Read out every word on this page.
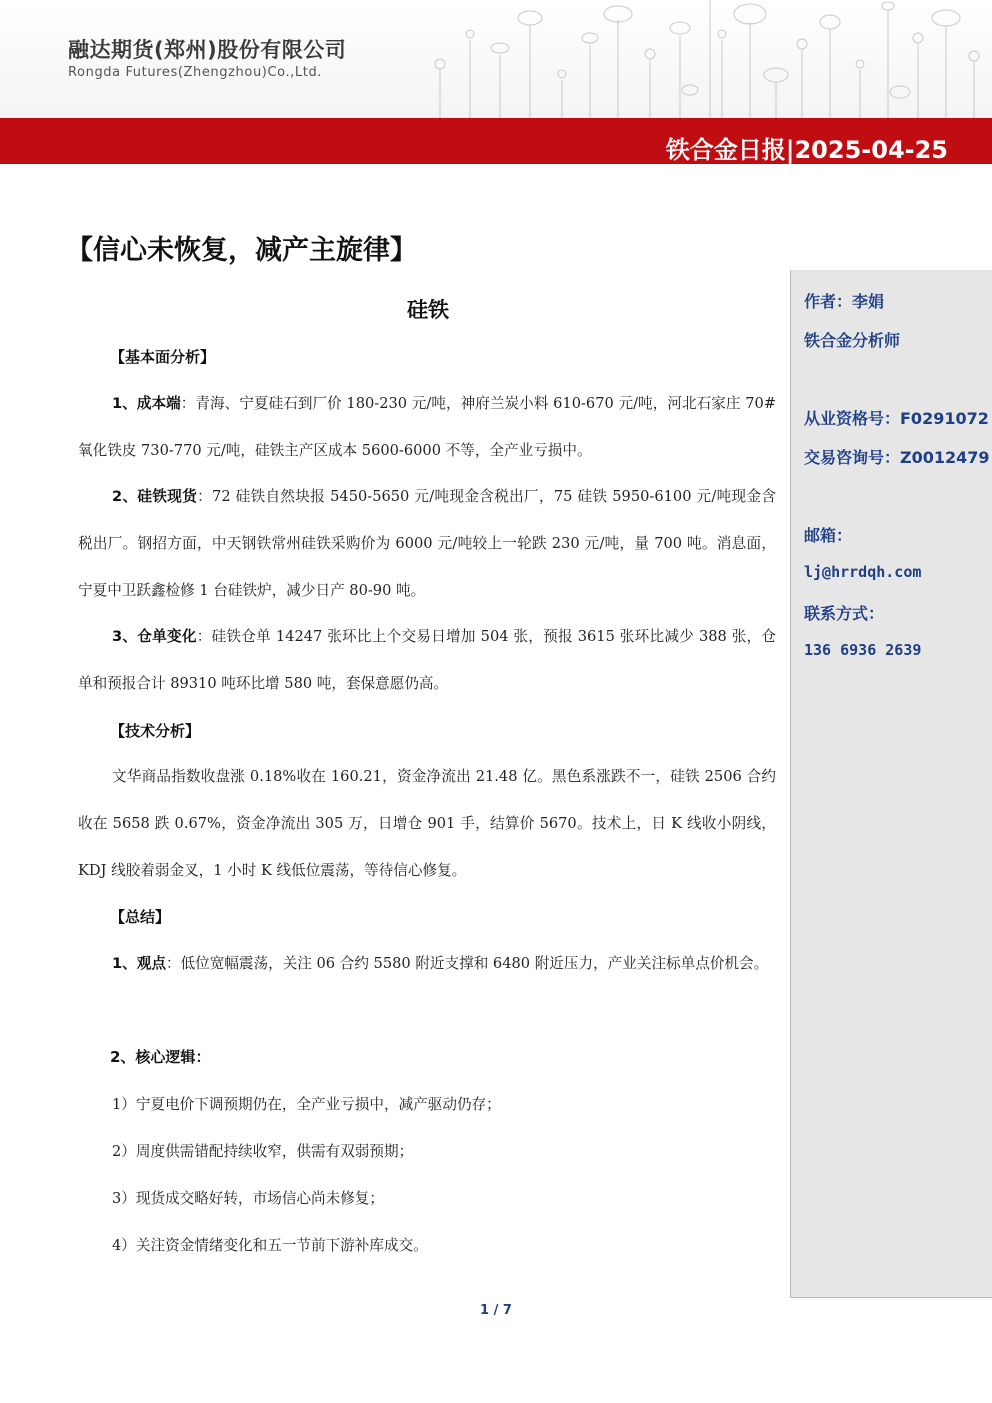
融达期货(郑州)股份有限公司
Rongda Futures(Zhengzhou)Co.,Ltd.
铁合金日报|2025-04-25
【信心未恢复，减产主旋律】
作者：李娟
铁合金分析师
从业资格号：F0291072
交易咨询号：Z0012479
邮箱：
lj@hrrdqh.com
联系方式：
136 6936 2639
硅铁
【基本面分析】

1、成本端：青海、宁夏硅石到厂价 180-230 元/吨，神府兰炭小料 610-670 元/吨，河北石家庄 70#氧化铁皮 730-770 元/吨，硅铁主产区成本 5600-6000 不等，全产业亏损中。

2、硅铁现货：72 硅铁自然块报 5450-5650 元/吨现金含税出厂，75 硅铁 5950-6100 元/吨现金含税出厂。钢招方面，中天钢铁常州硅铁采购价为 6000 元/吨较上一轮跌 230 元/吨，量 700 吨。消息面，宁夏中卫跃鑫检修 1 台硅铁炉，减少日产 80-90 吨。

3、仓单变化：硅铁仓单 14247 张环比上个交易日增加 504 张，预报 3615 张环比减少 388 张，仓单和预报合计 89310 吨环比增 580 吨，套保意愿仍高。

【技术分析】

文华商品指数收盘涨 0.18%收在 160.21，资金净流出 21.48 亿。黑色系涨跌不一，硅铁 2506 合约收在 5658 跌 0.67%，资金净流出 305 万，日增仓 901 手，结算价 5670。技术上，日 K 线收小阴线，KDJ 线胶着弱金叉，1 小时 K 线低位震荡，等待信心修复。

【总结】

1、观点：低位宽幅震荡，关注 06 合约 5580 附近支撑和 6480 附近压力，产业关注标单点价机会。

2、核心逻辑：
1）宁夏电价下调预期仍在，全产业亏损中，减产驱动仍存；
2）周度供需错配持续收窄，供需有双弱预期；
3）现货成交略好转，市场信心尚未修复；
4）关注资金情绪变化和五一节前下游补库成交。
1 / 7
